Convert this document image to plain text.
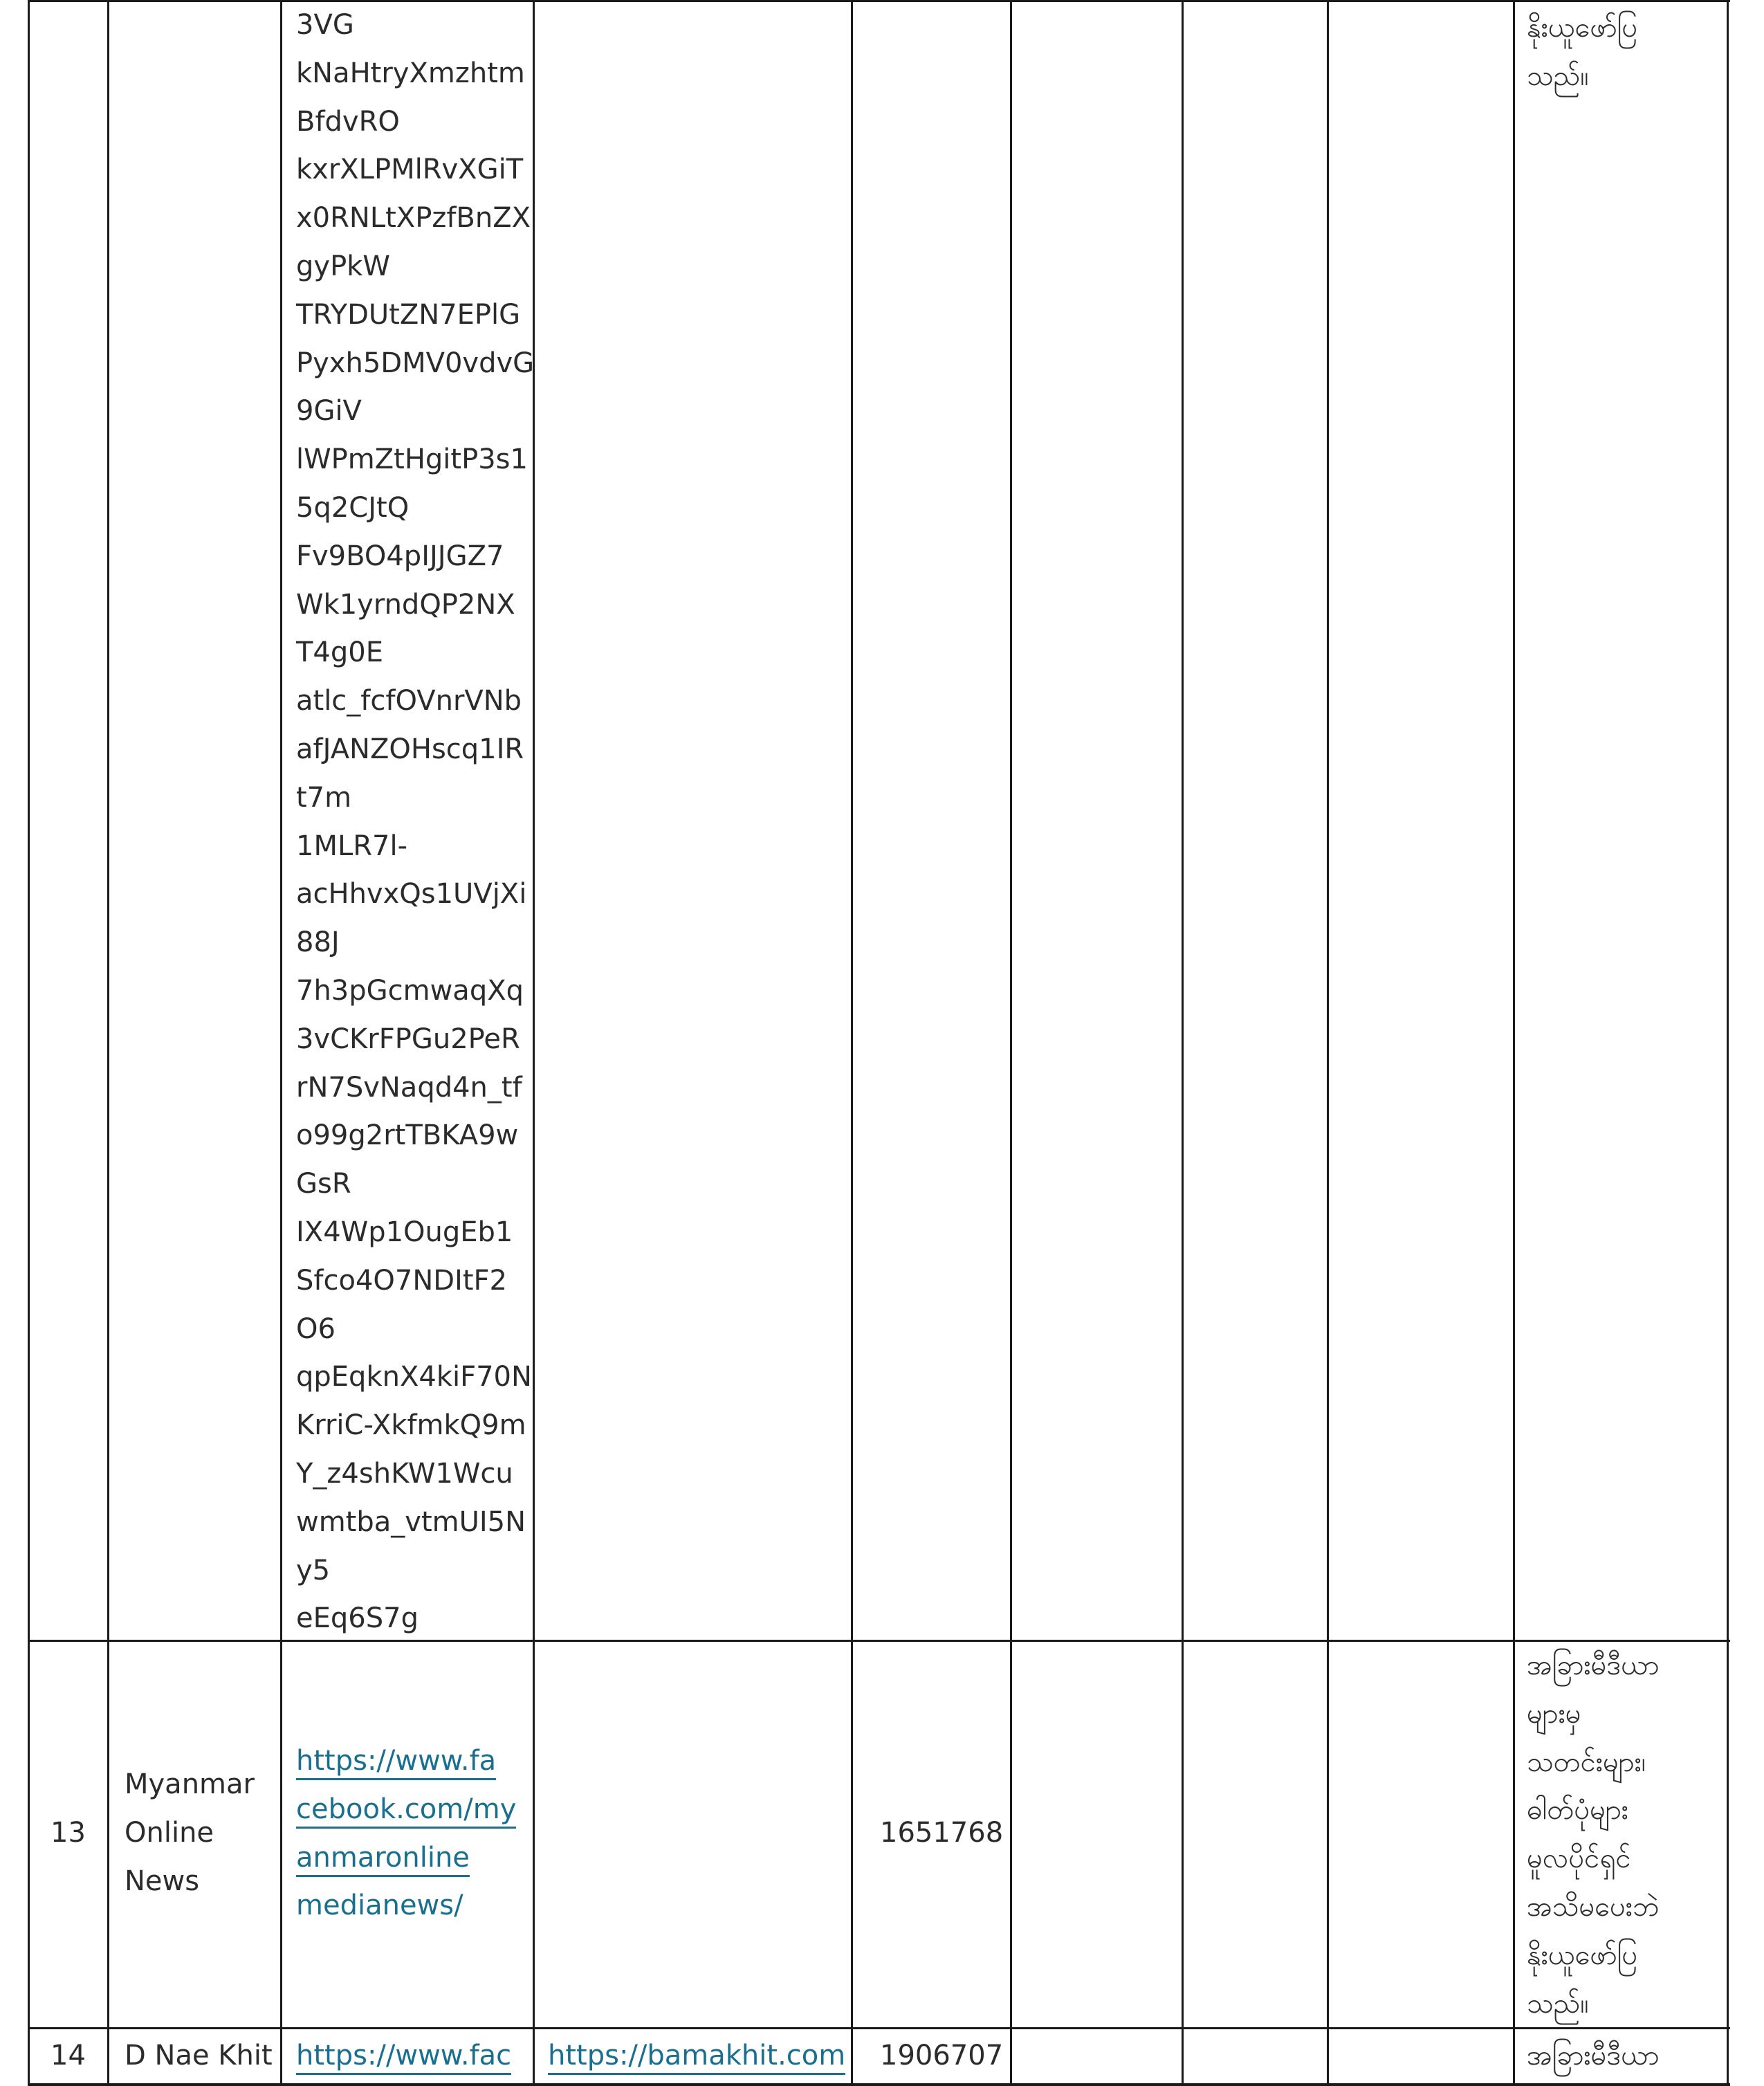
3VG
kNaHtryXmzhtm
BfdvRO
kxrXLPMlRvXGiT
x0RNLtXPzfBnZX
gyPkW
TRYDUtZN7EPlG
Pyxh5DMV0vdvG
9GiV
lWPmZtHgitP3s1
5q2CJtQ
Fv9BO4pIJJGZ7
Wk1yrndQP2NX
T4g0E
atlc_fcfOVnrVNb
afJANZOHscq1IR
t7m
1MLR7l-
acHhvxQs1UVjXi
88J
7h3pGcmwaqXq
3vCKrFPGu2PeR
rN7SvNaqd4n_tf
o99g2rtTBKA9w
GsR
IX4Wp1OugEb1
Sfco4O7NDItF2
O6
qpEqknX4kiF70N
KrriC-XkfmkQ9m
Y_z4shKW1Wcu
wmtba_vtmUI5N
y5
eEq6S7g
နိုးယူဖော်ပြ
သည်။
13
Myanmar
Online
News
https://www.fa
cebook.com/my
anmaronline
medianews/
1651768
အခြားမီဒီယာ
များမှ
သတင်းများ၊
ဓါတ်ပုံများ
မူလပိုင်ရှင်
အသိမပေးဘဲ
နိုးယူဖော်ပြ
သည်။
14 D Nae Khit https://www.fac https://bamakhit.com 1906707	အခြားမီဒီယာ
